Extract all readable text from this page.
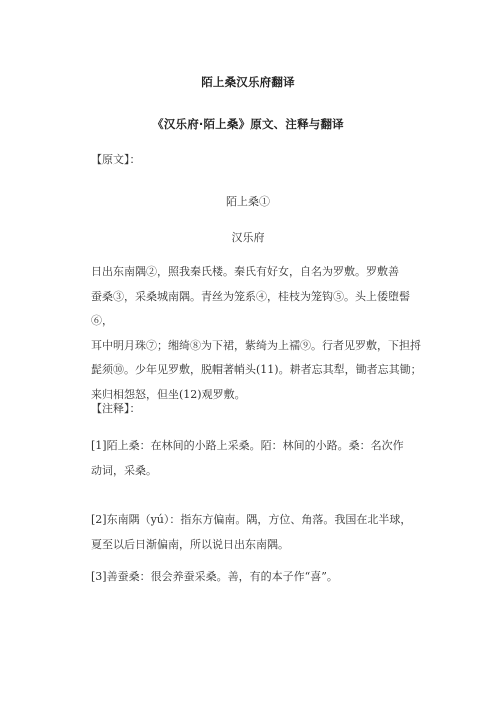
陌上桑汉乐府翻译
《汉乐府·陌上桑》原文、注释与翻译
【原文】：
陌上桑①
汉乐府
日出东南隅②，照我秦氏楼。秦氏有好女，自名为罗敷。罗敷善
蚕桑③，采桑城南隅。青丝为笼系④，桂枝为笼钩⑤。头上倭堕髻⑥，
耳中明月珠⑦；缃绮⑧为下裙，紫绮为上襦⑨。行者见罗敷，下担捋
髭须⑩。少年见罗敷，脱帽著帩头(11)。耕者忘其犁，锄者忘其锄；
来归相怨怒，但坐(12)观罗敷。
【注释】：
[1]陌上桑：在林间的小路上采桑。陌：林间的小路。桑：名次作
动词，采桑。
[2]东南隅（yú）：指东方偏南。隅，方位、角落。我国在北半球，
夏至以后日渐偏南，所以说日出东南隅。
[3]善蚕桑：很会养蚕采桑。善，有的本子作“喜”。
